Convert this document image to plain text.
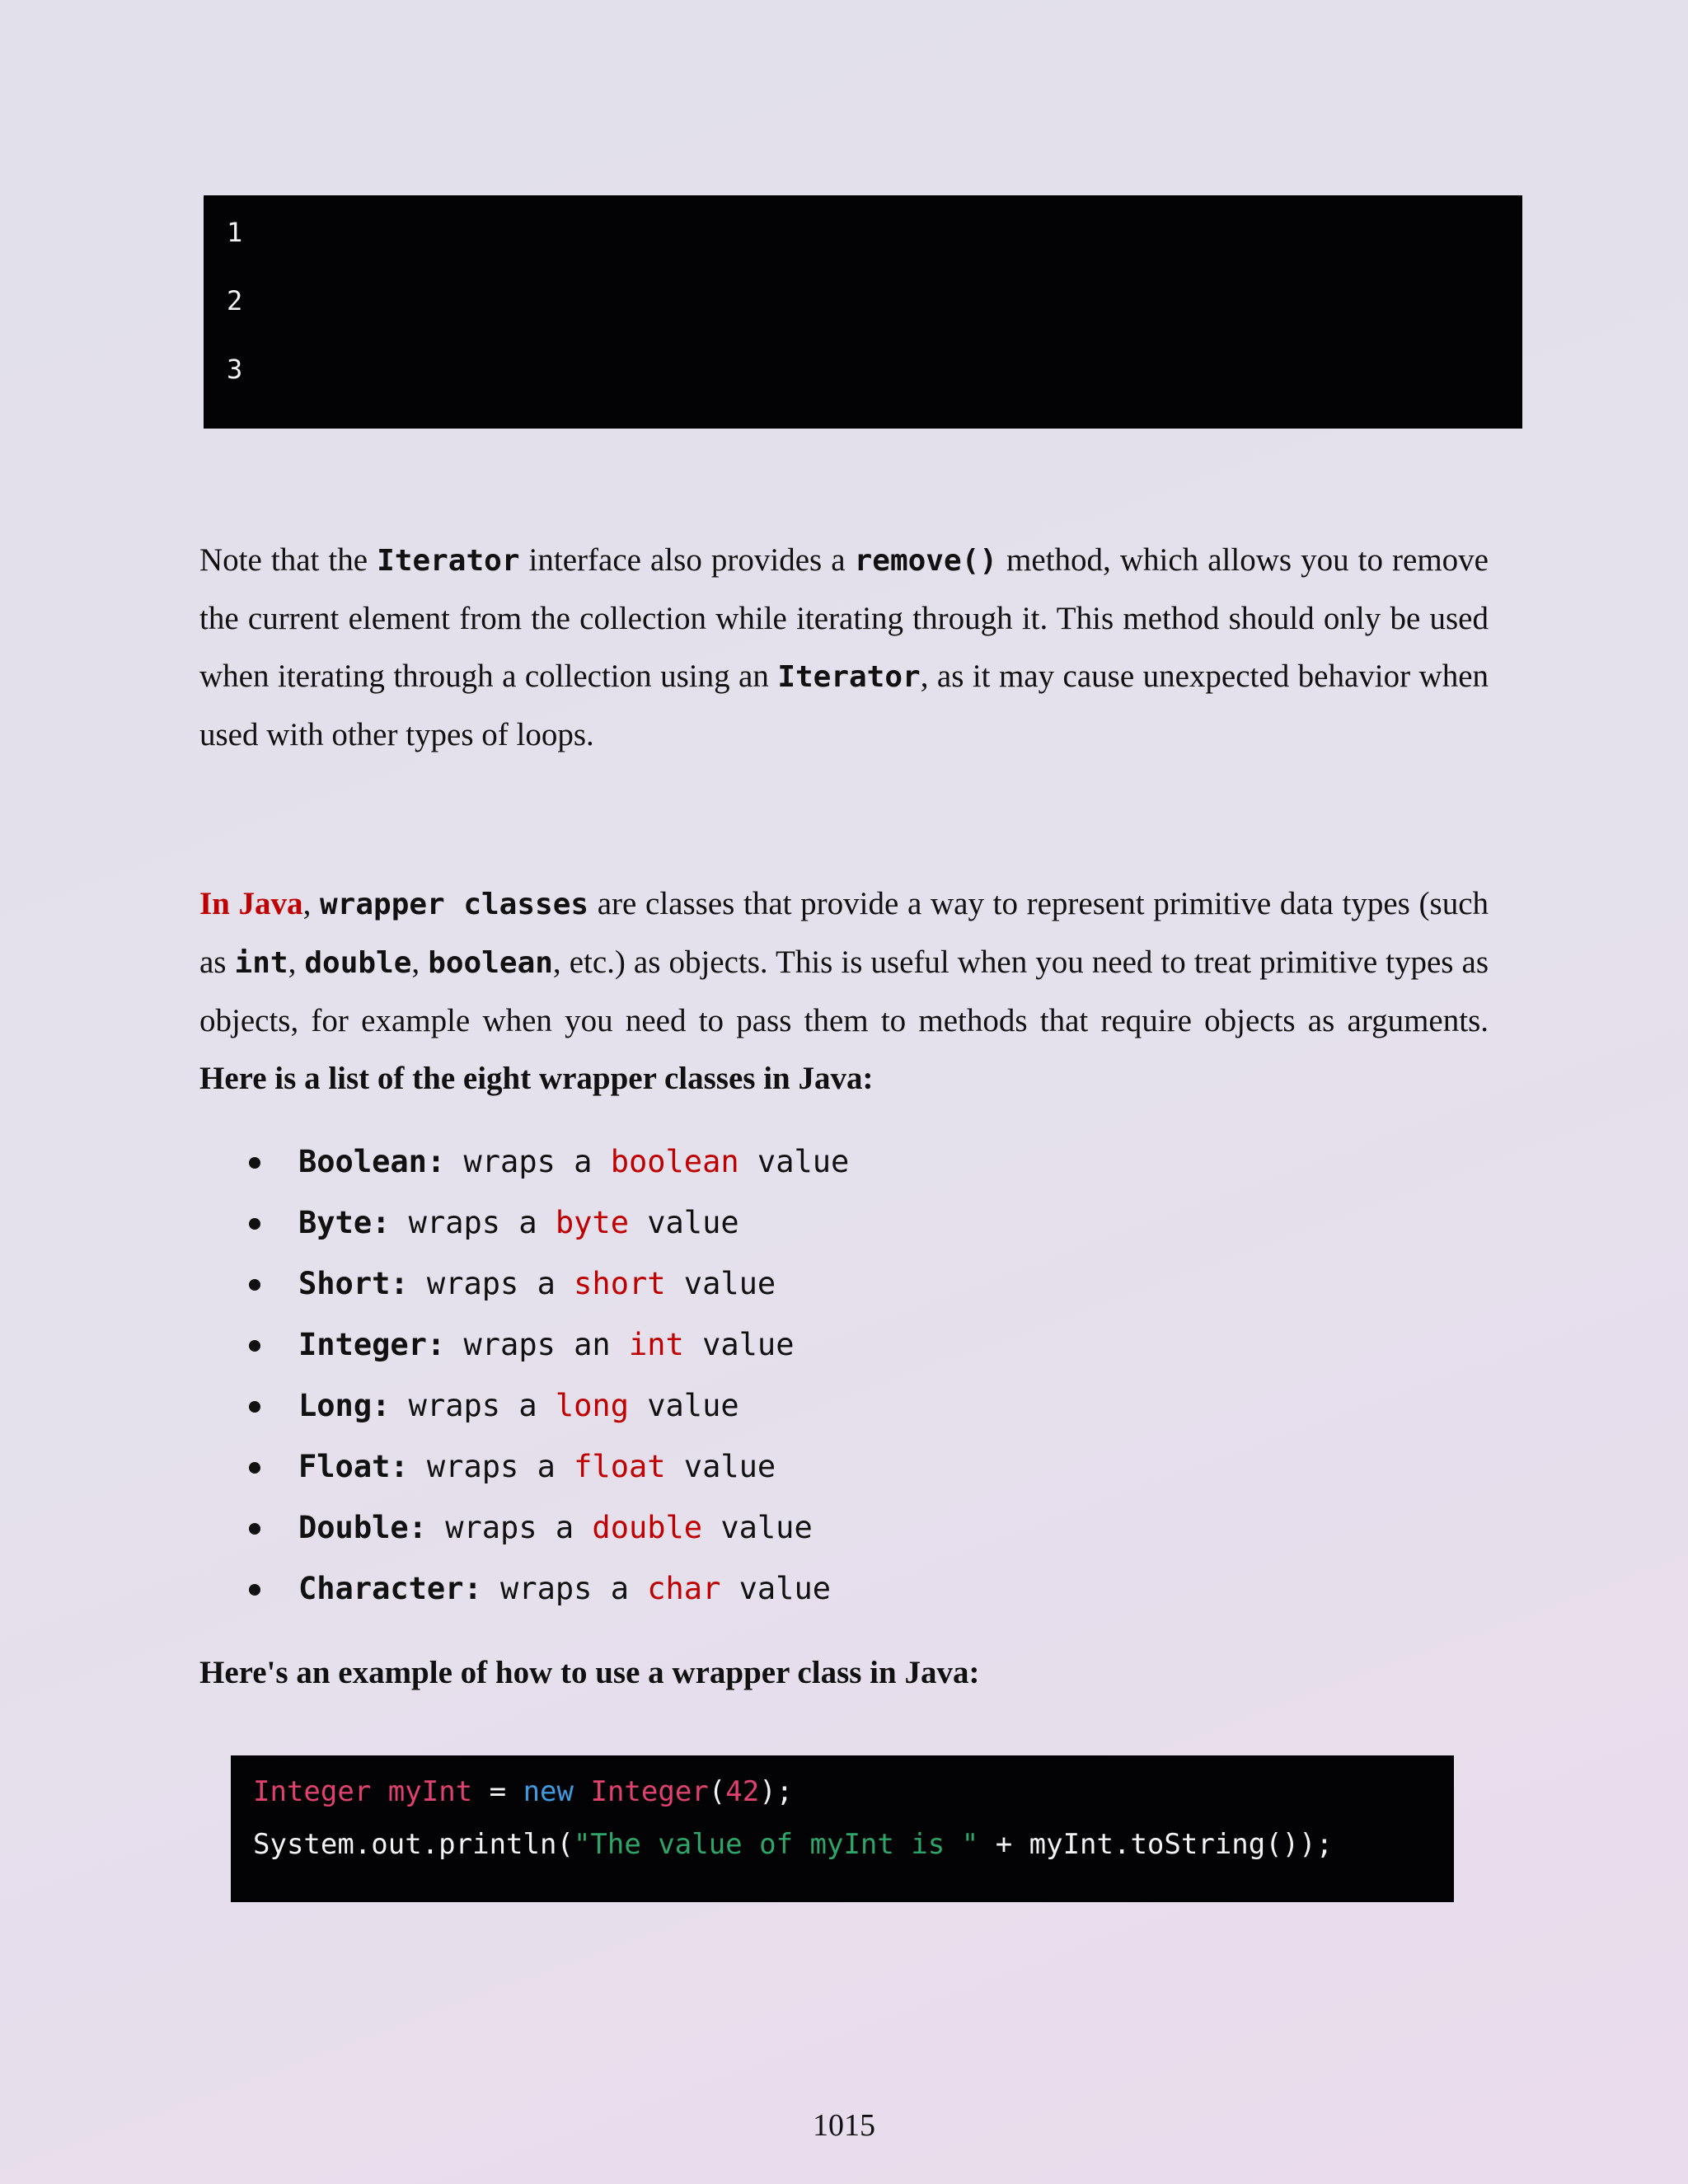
1
2
3

Note that the Iterator interface also provides a remove() method, which allows you to remove the current element from the collection while iterating through it. This method should only be used when iterating through a collection using an Iterator, as it may cause unexpected behavior when used with other types of loops.

In Java, wrapper classes are classes that provide a way to represent primitive data types (such as int, double, boolean, etc.) as objects. This is useful when you need to treat primitive types as objects, for example when you need to pass them to methods that require objects as arguments. Here is a list of the eight wrapper classes in Java:

Boolean: wraps a boolean value
Byte: wraps a byte value
Short: wraps a short value
Integer: wraps an int value
Long: wraps a long value
Float: wraps a float value
Double: wraps a double value
Character: wraps a char value

Here's an example of how to use a wrapper class in Java:

Integer myInt = new Integer(42);
System.out.println("The value of myInt is " + myInt.toString());
1015
